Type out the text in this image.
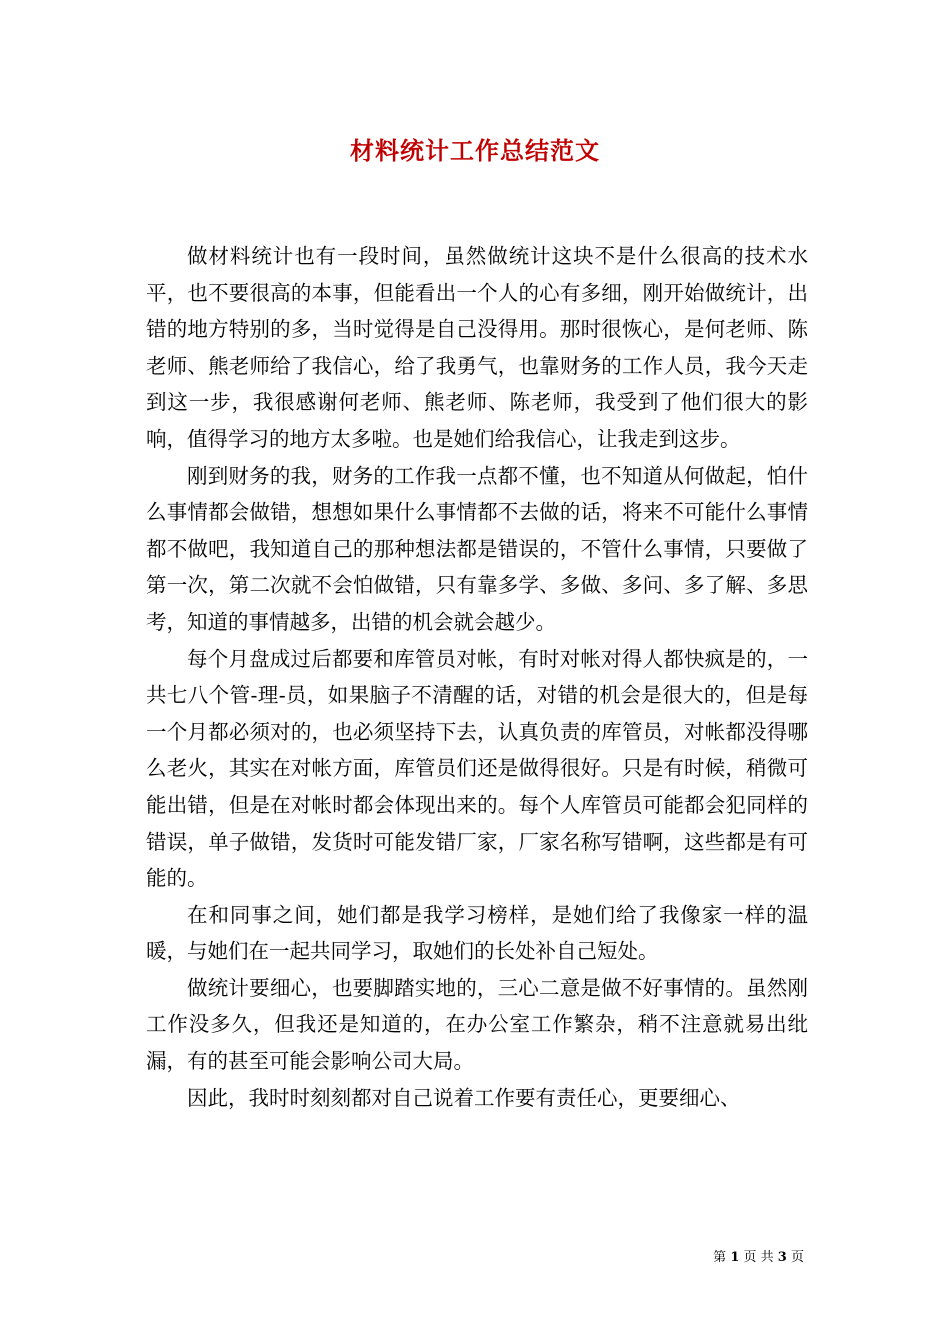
材料统计工作总结范文

做材料统计也有一段时间，虽然做统计这块不是什么很高的技术水平，也不要很高的本事，但能看出一个人的心有多细，刚开始做统计，出错的地方特别的多，当时觉得是自己没得用。那时很恢心，是何老师、陈老师、熊老师给了我信心，给了我勇气，也靠财务的工作人员，我今天走到这一步，我很感谢何老师、熊老师、陈老师，我受到了他们很大的影响，值得学习的地方太多啦。也是她们给我信心，让我走到这步。

刚到财务的我，财务的工作我一点都不懂，也不知道从何做起，怕什么事情都会做错，想想如果什么事情都不去做的话，将来不可能什么事情都不做吧，我知道自己的那种想法都是错误的，不管什么事情，只要做了第一次，第二次就不会怕做错，只有靠多学、多做、多问、多了解、多思考，知道的事情越多，出错的机会就会越少。

每个月盘成过后都要和库管员对帐，有时对帐对得人都快疯是的，一共七八个管-理-员，如果脑子不清醒的话，对错的机会是很大的，但是每一个月都必须对的，也必须坚持下去，认真负责的库管员，对帐都没得哪么老火，其实在对帐方面，库管员们还是做得很好。只是有时候，稍微可能出错，但是在对帐时都会体现出来的。每个人库管员可能都会犯同样的错误，单子做错，发货时可能发错厂家，厂家名称写错啊，这些都是有可能的。

在和同事之间，她们都是我学习榜样，是她们给了我像家一样的温暖，与她们在一起共同学习，取她们的长处补自己短处。

做统计要细心，也要脚踏实地的，三心二意是做不好事情的。虽然刚工作没多久，但我还是知道的，在办公室工作繁杂，稍不注意就易出纰漏，有的甚至可能会影响公司大局。

因此，我时时刻刻都对自己说着工作要有责任心，更要细心、

第 1 页 共 3 页
